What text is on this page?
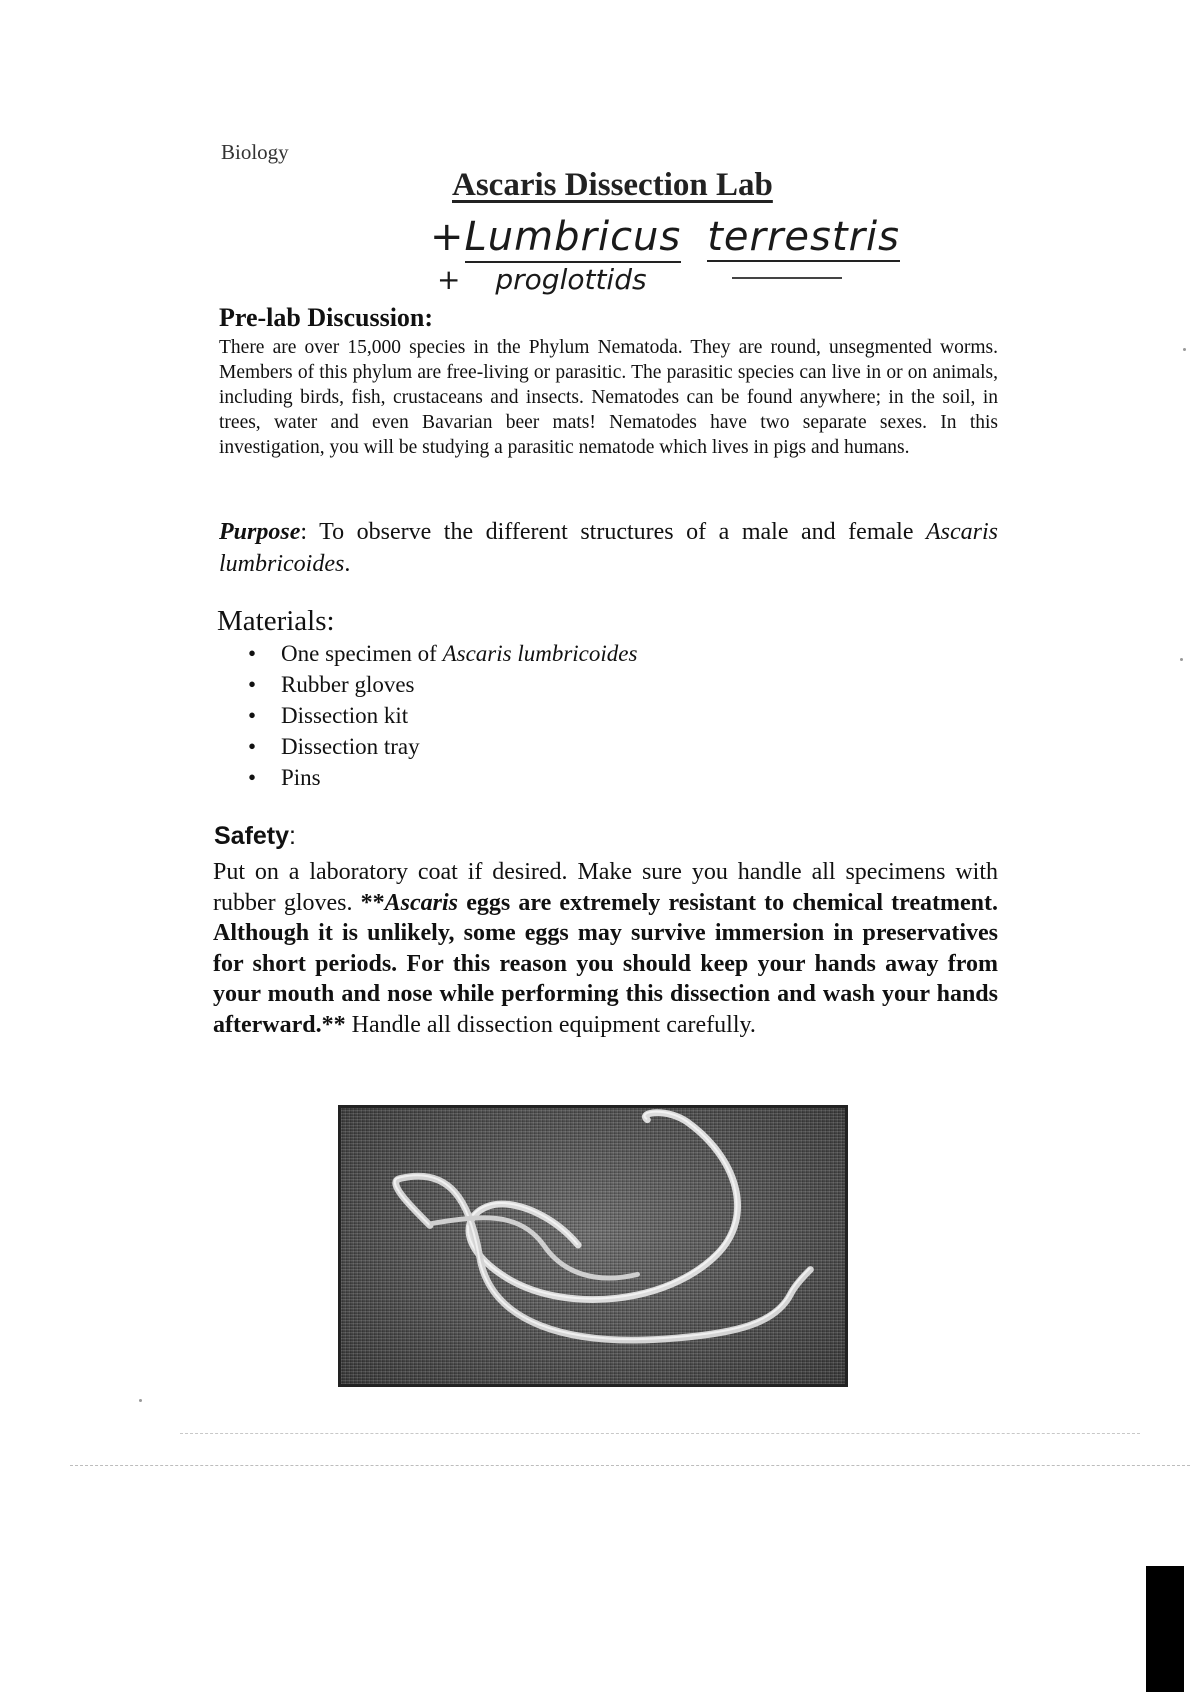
Biology
Ascaris Dissection Lab
+Lumbricus terrestris
+ proglottids
Pre-lab Discussion:
There are over 15,000 species in the Phylum Nematoda. They are round, unsegmented worms. Members of this phylum are free-living or parasitic. The parasitic species can live in or on animals, including birds, fish, crustaceans and insects. Nematodes can be found anywhere; in the soil, in trees, water and even Bavarian beer mats! Nematodes have two separate sexes. In this investigation, you will be studying a parasitic nematode which lives in pigs and humans.
Purpose: To observe the different structures of a male and female Ascaris lumbricoides.
Materials:
• One specimen of Ascaris lumbricoides
• Rubber gloves
• Dissection kit
• Dissection tray
• Pins
Safety:
Put on a laboratory coat if desired. Make sure you handle all specimens with rubber gloves. **Ascaris eggs are extremely resistant to chemical treatment. Although it is unlikely, some eggs may survive immersion in preservatives for short periods. For this reason you should keep your hands away from your mouth and nose while performing this dissection and wash your hands afterward.** Handle all dissection equipment carefully.
